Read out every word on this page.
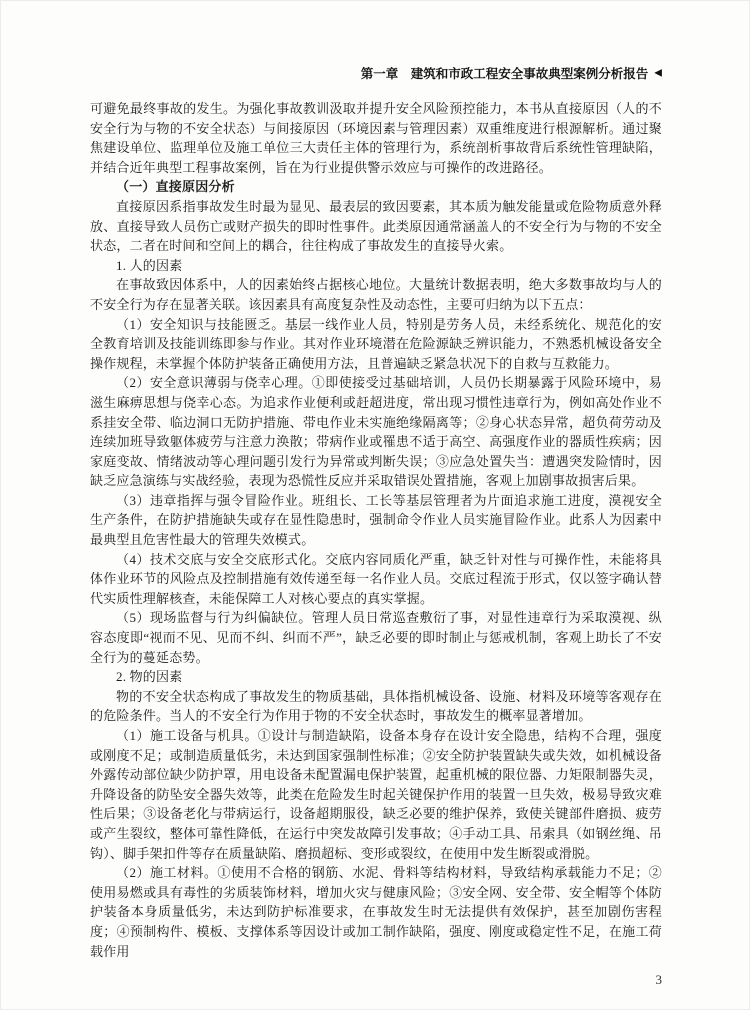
第一章 建筑和市政工程安全事故典型案例分析报告 ◀

可避免最终事故的发生。为强化事故教训汲取并提升安全风险预控能力，本书从直接原因（人的不安全行为与物的不安全状态）与间接原因（环境因素与管理因素）双重维度进行根源解析。通过聚焦建设单位、监理单位及施工单位三大责任主体的管理行为，系统剖析事故背后系统性管理缺陷，并结合近年典型工程事故案例，旨在为行业提供警示效应与可操作的改进路径。

（一）直接原因分析

直接原因系指事故发生时最为显见、最表层的致因要素，其本质为触发能量或危险物质意外释放、直接导致人员伤亡或财产损失的即时性事件。此类原因通常涵盖人的不安全行为与物的不安全状态，二者在时间和空间上的耦合，往往构成了事故发生的直接导火索。

1. 人的因素

在事故致因体系中，人的因素始终占据核心地位。大量统计数据表明，绝大多数事故均与人的不安全行为存在显著关联。该因素具有高度复杂性及动态性，主要可归纳为以下五点：

（1）安全知识与技能匮乏。基层一线作业人员，特别是劳务人员，未经系统化、规范化的安全教育培训及技能训练即参与作业。其对作业环境潜在危险源缺乏辨识能力，不熟悉机械设备安全操作规程，未掌握个体防护装备正确使用方法，且普遍缺乏紧急状况下的自救与互救能力。

（2）安全意识薄弱与侥幸心理。①即使接受过基础培训，人员仍长期暴露于风险环境中，易滋生麻痹思想与侥幸心态。为追求作业便利或赶超进度，常出现习惯性违章行为，例如高处作业不系挂安全带、临边洞口无防护措施、带电作业未实施绝缘隔离等；②身心状态异常，超负荷劳动及连续加班导致躯体疲劳与注意力涣散；带病作业或罹患不适于高空、高强度作业的器质性疾病；因家庭变故、情绪波动等心理问题引发行为异常或判断失误；③应急处置失当：遭遇突发险情时，因缺乏应急演练与实战经验，表现为恐慌性反应并采取错误处置措施，客观上加剧事故损害后果。

（3）违章指挥与强令冒险作业。班组长、工长等基层管理者为片面追求施工进度，漠视安全生产条件，在防护措施缺失或存在显性隐患时，强制命令作业人员实施冒险作业。此系人为因素中最典型且危害性最大的管理失效模式。

（4）技术交底与安全交底形式化。交底内容同质化严重，缺乏针对性与可操作性，未能将具体作业环节的风险点及控制措施有效传递至每一名作业人员。交底过程流于形式，仅以签字确认替代实质性理解核查，未能保障工人对核心要点的真实掌握。

（5）现场监督与行为纠偏缺位。管理人员日常巡查敷衍了事，对显性违章行为采取漠视、纵容态度即“视而不见、见而不纠、纠而不严”，缺乏必要的即时制止与惩戒机制，客观上助长了不安全行为的蔓延态势。

2. 物的因素

物的不安全状态构成了事故发生的物质基础，具体指机械设备、设施、材料及环境等客观存在的危险条件。当人的不安全行为作用于物的不安全状态时，事故发生的概率显著增加。

（1）施工设备与机具。①设计与制造缺陷，设备本身存在设计安全隐患，结构不合理，强度或刚度不足；或制造质量低劣，未达到国家强制性标准；②安全防护装置缺失或失效，如机械设备外露传动部位缺少防护罩，用电设备未配置漏电保护装置，起重机械的限位器、力矩限制器失灵，升降设备的防坠安全器失效等，此类在危险发生时起关键保护作用的装置一旦失效，极易导致灾难性后果；③设备老化与带病运行，设备超期服役，缺乏必要的维护保养，致使关键部件磨损、疲劳或产生裂纹，整体可靠性降低，在运行中突发故障引发事故；④手动工具、吊索具（如钢丝绳、吊钩）、脚手架扣件等存在质量缺陷、磨损超标、变形或裂纹，在使用中发生断裂或滑脱。

（2）施工材料。①使用不合格的钢筋、水泥、骨料等结构材料，导致结构承载能力不足；②使用易燃或具有毒性的劣质装饰材料，增加火灾与健康风险；③安全网、安全带、安全帽等个体防护装备本身质量低劣，未达到防护标准要求，在事故发生时无法提供有效保护，甚至加剧伤害程度；④预制构件、模板、支撑体系等因设计或加工制作缺陷，强度、刚度或稳定性不足，在施工荷载作用

3
